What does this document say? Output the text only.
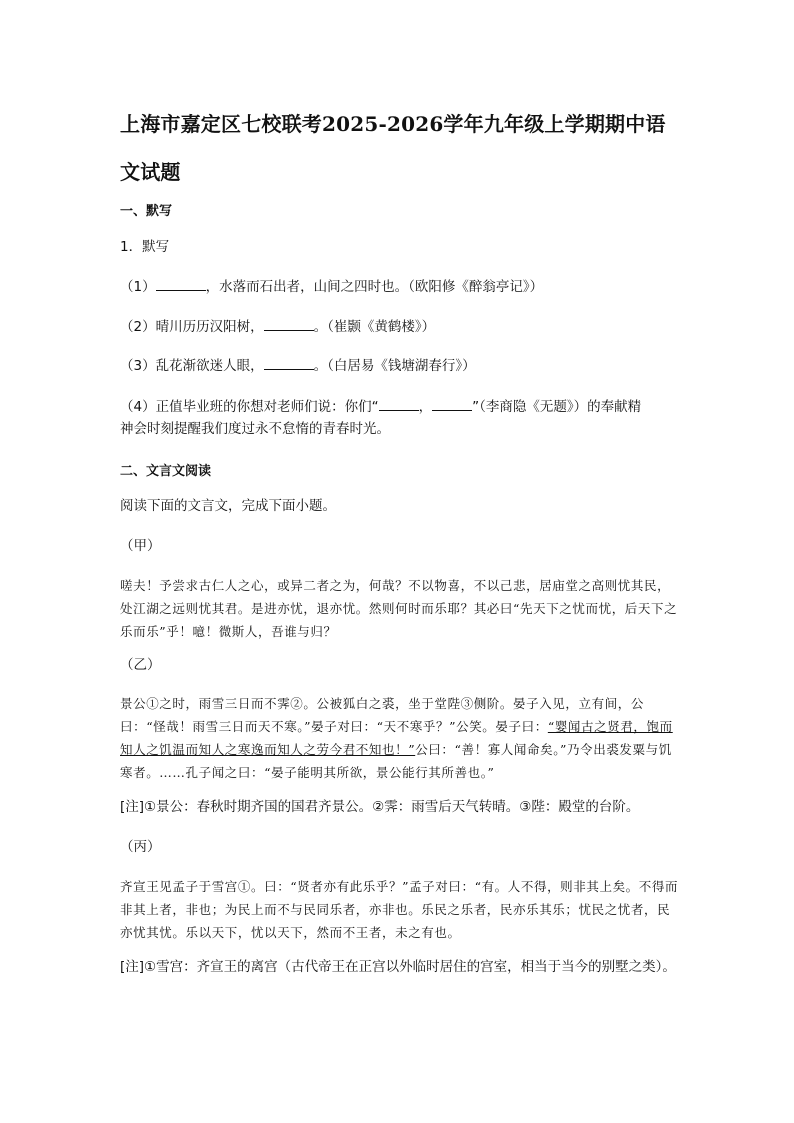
上海市嘉定区七校联考2025-2026学年九年级上学期期中语文试题
一、默写
1．默写
（1）	，水落而石出者，山间之四时也。（欧阳修《醉翁亭记》）
（2）晴川历历汉阳树，	。（崔颢《黄鹤楼》）
（3）乱花渐欲迷人眼，	。（白居易《钱塘湖春行》）
（4）正值毕业班的你想对老师们说：你们“	，	”（李商隐《无题》）的奉献精
神会时刻提醒我们度过永不怠惰的青春时光。
二、文言文阅读
阅读下面的文言文，完成下面小题。
（甲）
嗟夫！予尝求古仁人之心，或异二者之为，何哉？不以物喜，不以己悲，居庙堂之高则忧其民，处江湖之远则忧其君。是进亦忧，退亦忧。然则何时而乐耶？其必曰“先天下之忧而忧，后天下之乐而乐”乎！噫！微斯人，吾谁与归？
（乙）
景公①之时，雨雪三日而不霁②。公被狐白之裘，坐于堂陛③侧阶。晏子入见，立有间，公曰：“怪哉！雨雪三日而天不寒。”晏子对曰：“天不寒乎？”公笑。晏子曰：“婴闻古之贤君，饱而知人之饥温而知人之寒逸而知人之劳今君不知也！”公曰：“善！寡人闻命矣。”乃令出裘发粟与饥寒者。……孔子闻之曰：“晏子能明其所欲，景公能行其所善也。”
[注]①景公：春秋时期齐国的国君齐景公。②霁：雨雪后天气转晴。③陛：殿堂的台阶。
（丙）
齐宣王见孟子于雪宫①。曰：“贤者亦有此乐乎？”孟子对曰：“有。人不得，则非其上矣。不得而非其上者，非也；为民上而不与民同乐者，亦非也。乐民之乐者，民亦乐其乐；忧民之忧者，民亦忧其忧。乐以天下，忧以天下，然而不王者，未之有也。
[注]①雪宫：齐宣王的离宫（古代帝王在正宫以外临时居住的宫室，相当于当今的别墅之类）。
